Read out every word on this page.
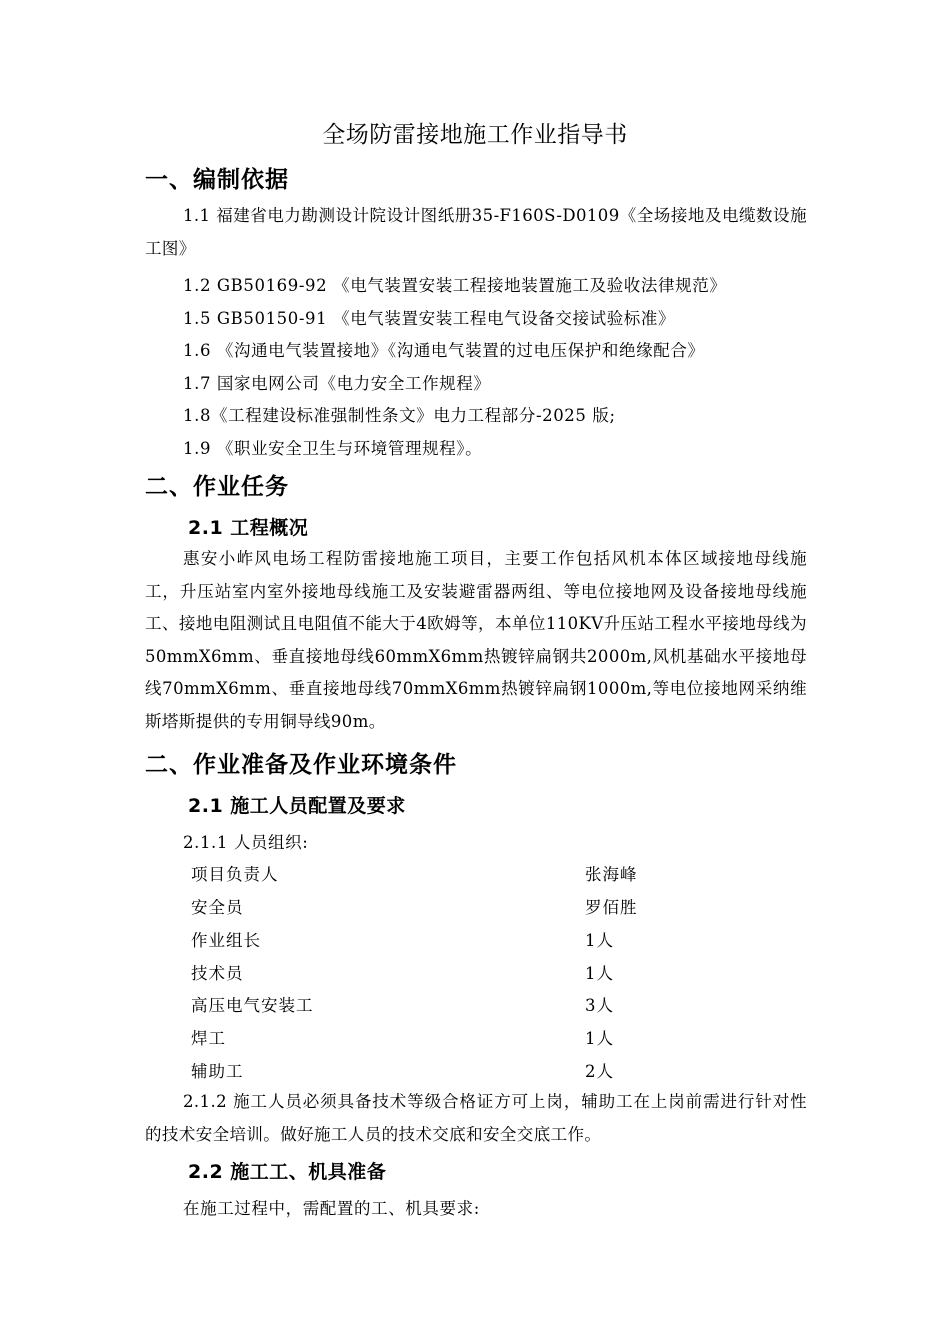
全场防雷接地施工作业指导书
一、编制依据
1.1 福建省电力勘测设计院设计图纸册35-F160S-D0109《全场接地及电缆数设施工图》
1.2 GB50169-92 《电气装置安装工程接地装置施工及验收法律规范》
1.5 GB50150-91 《电气装置安装工程电气设备交接试验标准》
1.6 《沟通电气装置接地》《沟通电气装置的过电压保护和绝缘配合》
1.7 国家电网公司《电力安全工作规程》
1.8《工程建设标准强制性条文》电力工程部分-2025 版;
1.9 《职业安全卫生与环境管理规程》。
二、作业任务
2.1 工程概况
惠安小岞风电场工程防雷接地施工项目，主要工作包括风机本体区域接地母线施工，升压站室内室外接地母线施工及安装避雷器两组、等电位接地网及设备接地母线施工、接地电阻测试且电阻值不能大于4欧姆等，本单位110KV升压站工程水平接地母线为50mmX6mm、垂直接地母线60mmX6mm热镀锌扁钢共2000m,风机基础水平接地母线70mmX6mm、垂直接地母线70mmX6mm热镀锌扁钢1000m,等电位接地网采纳维斯塔斯提供的专用铜导线90m。
二、作业准备及作业环境条件
2.1 施工人员配置及要求
2.1.1 人员组织:
项目负责人	张海峰
安全员	罗佰胜
作业组长	1人
技术员	1人
高压电气安装工	3人
焊工	1人
辅助工	2人
2.1.2 施工人员必须具备技术等级合格证方可上岗，辅助工在上岗前需进行针对性的技术安全培训。做好施工人员的技术交底和安全交底工作。
2.2 施工工、机具准备
在施工过程中，需配置的工、机具要求:
